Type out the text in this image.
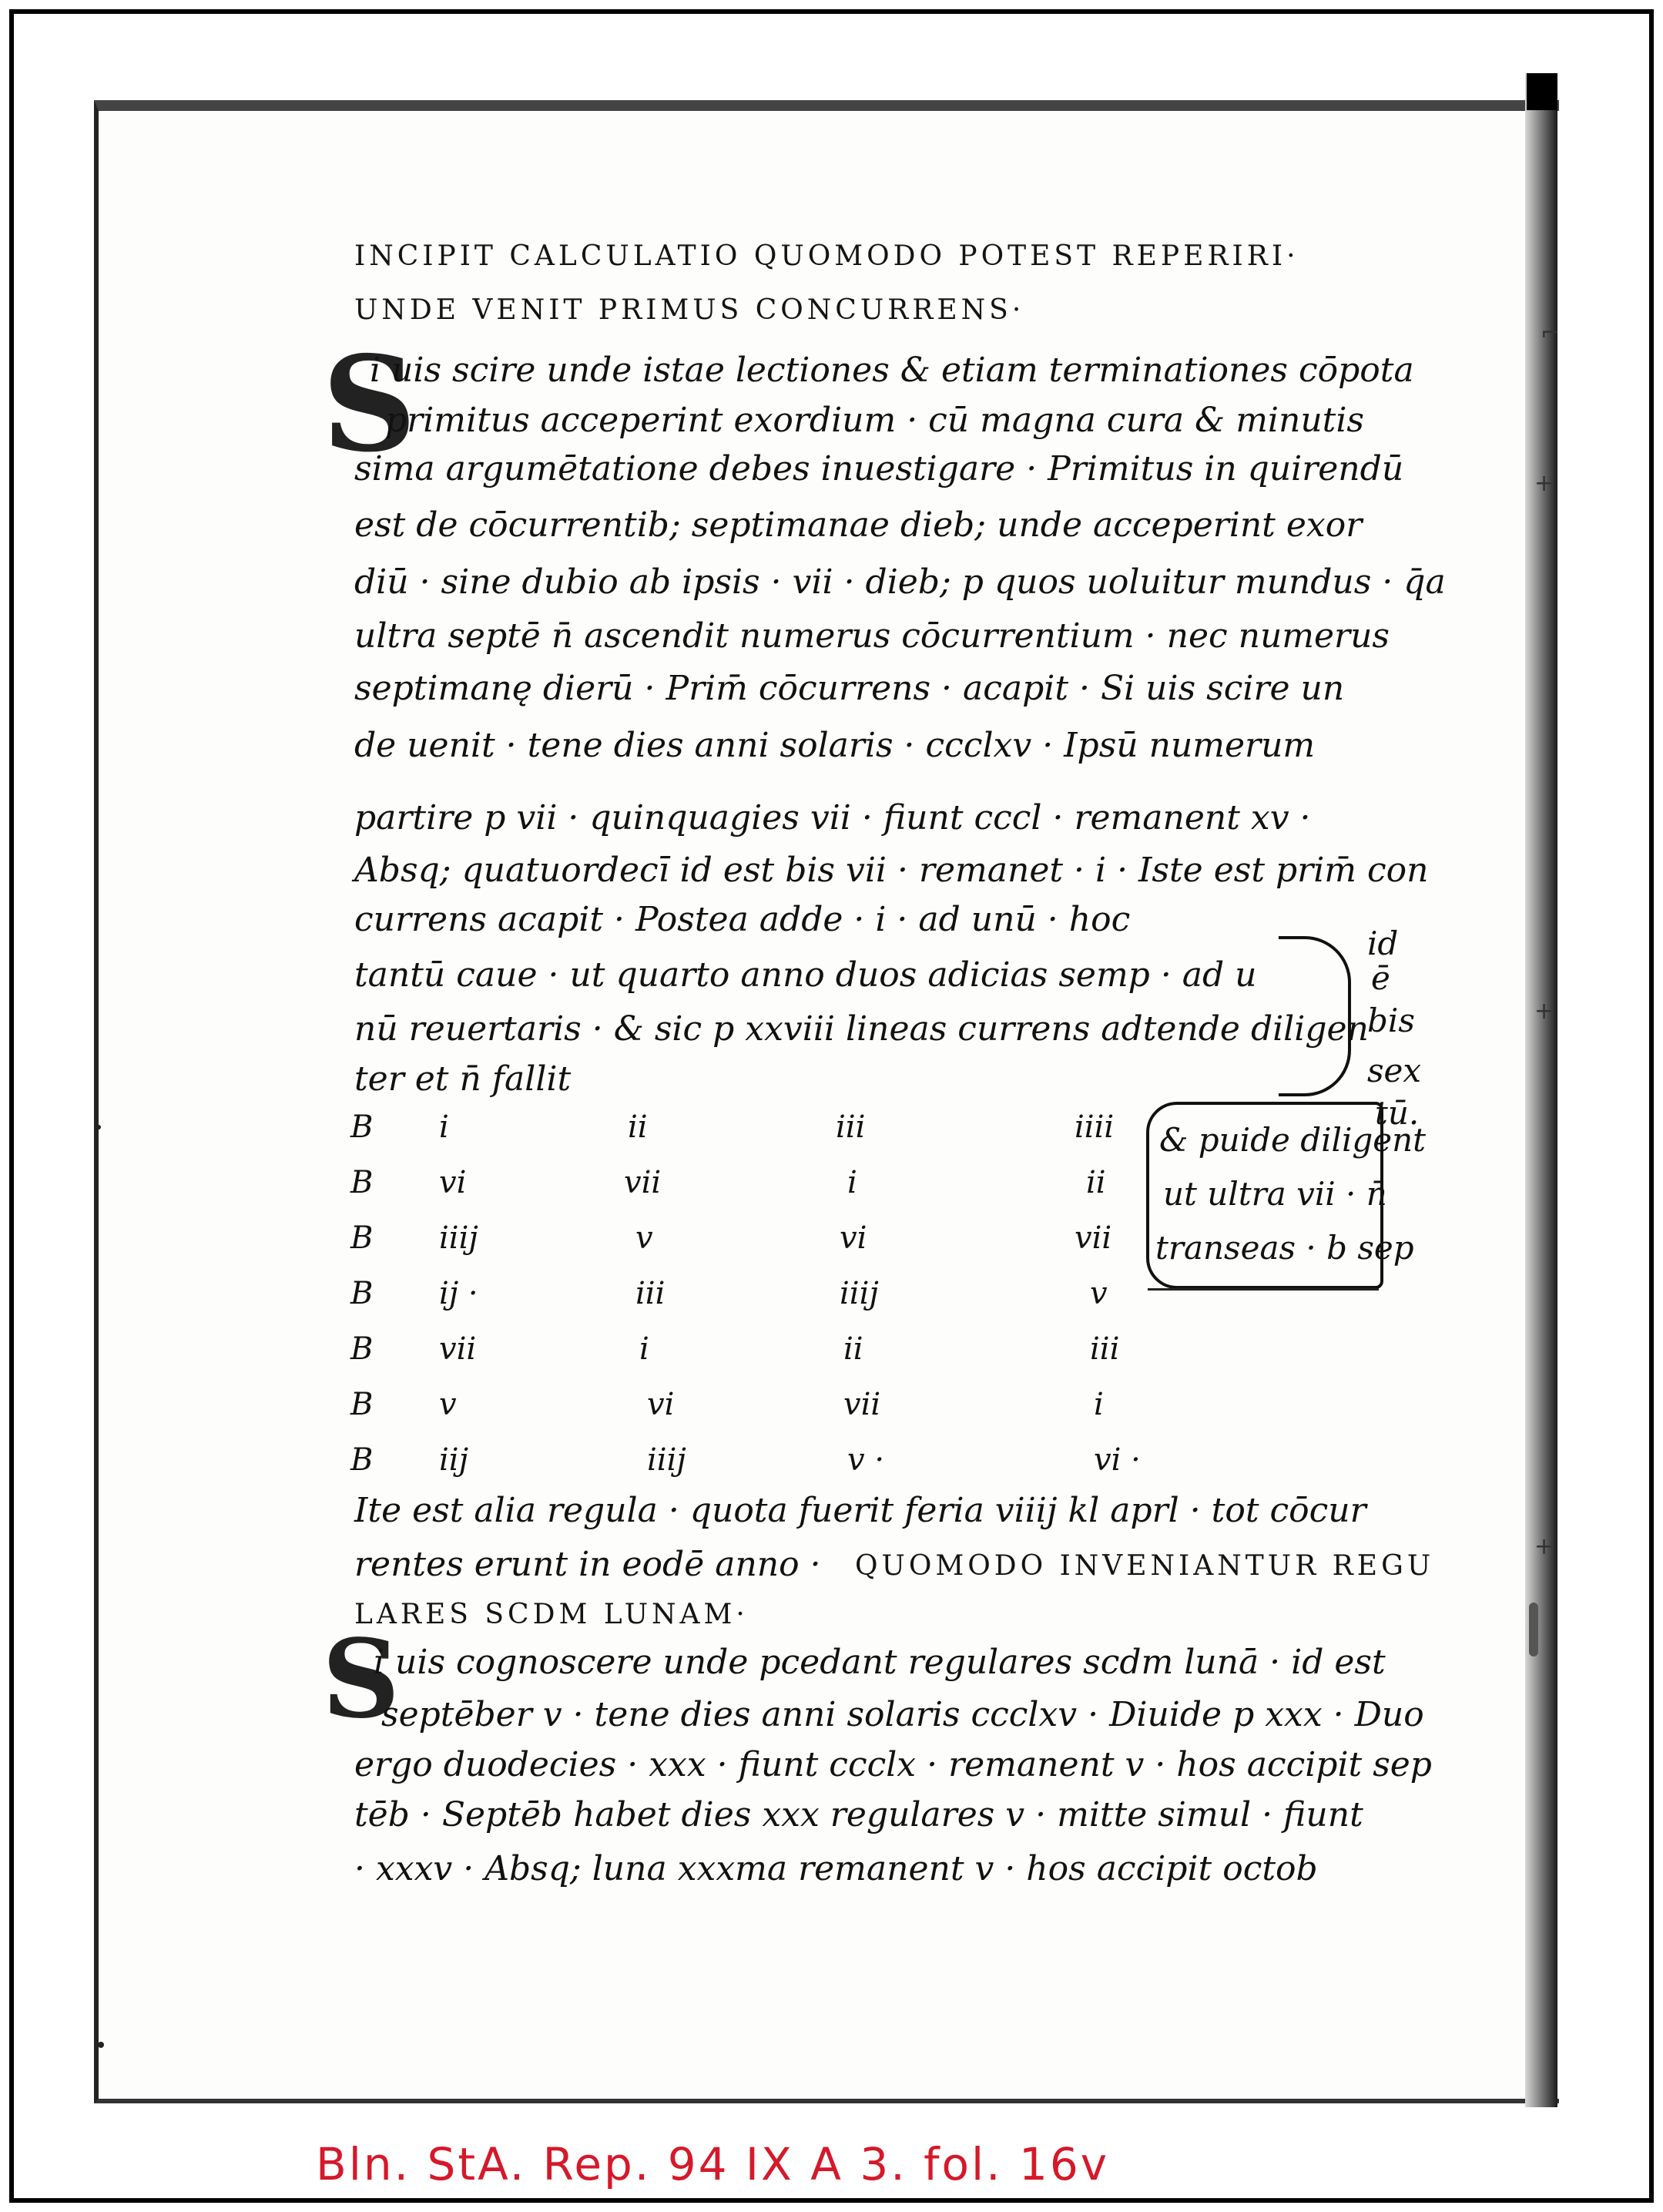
⌐
+
+
+
INCIPIT CALCULATIO QUOMODO POTEST REPERIRI·
UNDE VENIT PRIMUS CONCURRENS·
S
i uis scire unde istae lectiones & etiam terminationes cōpota
primitus acceperint exordium · cū magna cura & minutis
sima argumētatione debes inuestigare · Primitus in quirendū
est de cōcurrentib; septimanae dieb; unde acceperint exor
diū · sine dubio ab ipsis · vii · dieb; p quos uoluitur mundus · q̄a
ultra septē n̄ ascendit numerus cōcurrentium · nec numerus
septimanę dierū · Prim̄ cōcurrens · acapit · Si uis scire un
de uenit · tene dies anni solaris · ccclxv · Ipsū numerum
partire p vii · quinquagies vii · fiunt cccl · remanent xv ·
Absq; quatuordecī id est bis vii · remanet · i · Iste est prim̄ con
currens acapit · Postea adde · i · ad unū · hoc
tantū caue · ut quarto anno duos adicias semp · ad u
nū reuertaris · & sic p xxviii lineas currens adtende diligen
ter et n̄ fallit
id
ē
bis
sex
tū.
& puide diligent
ut ultra vii · n̄
transeas · b sep
B i	ii	iii	iiii
B vi	vii	i	ii
B iiij	v	vi	vii
B ij ·	iii	iiij	v
B vii	i	ii	iii
B v	vi	vii	i
B iij	iiij	v ·	vi ·
Ite est alia regula · quota fuerit feria viiij kl aprl · tot cōcur
rentes erunt in eodē anno · QUOMODO INVENIANTUR REGU
LARES SCDM LUNAM·
S
i uis cognoscere unde pcedant regulares scdm lunā · id est
septēber v · tene dies anni solaris ccclxv · Diuide p xxx · Duo
ergo duodecies · xxx · fiunt ccclx · remanent v · hos accipit sep
tēb · Septēb habet dies xxx regulares v · mitte simul · fiunt
· xxxv · Absq; luna xxxma remanent v · hos accipit octob
Bln. StA. Rep. 94 IX A 3. fol. 16v
